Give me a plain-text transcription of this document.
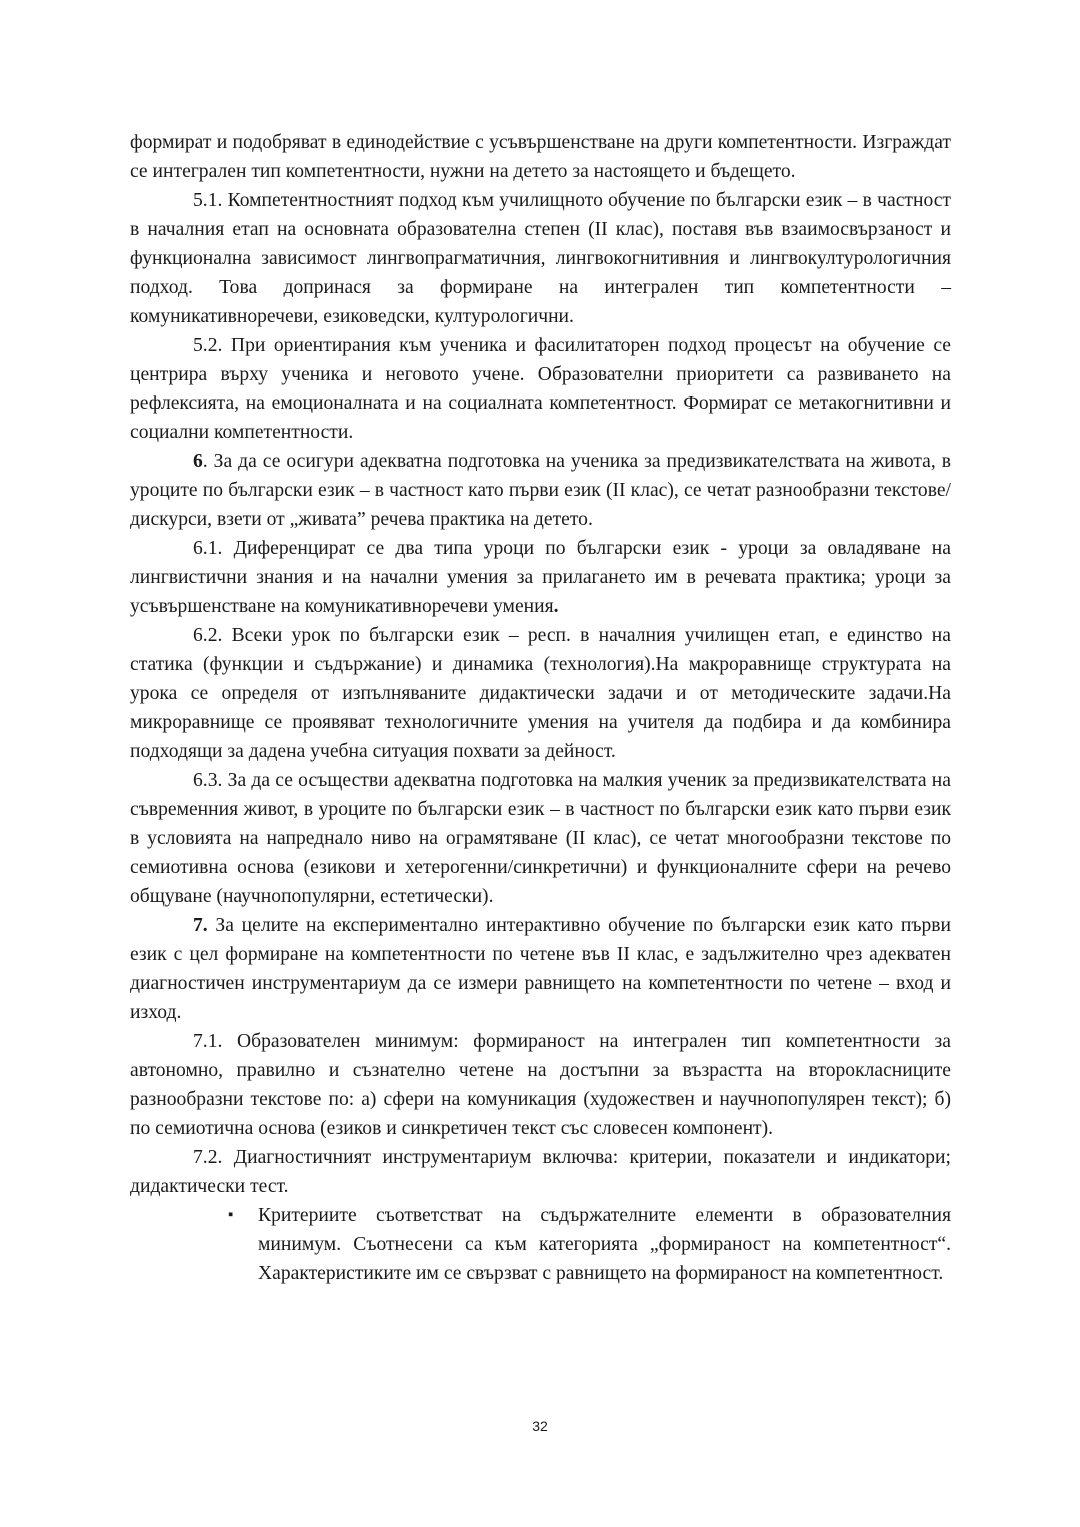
формират и подобряват в единодействие с усъвършенстване на други компетентности. Изграждат се интегрален тип компетентности, нужни на детето за настоящето и бъдещето.

5.1. Компетентностният подход към училищното обучение по български език – в частност в началния етап на основната образователна степен (II клас), поставя във взаимосвързаност и функционална зависимост лингвопрагматичния, лингвокогнитивния и лингвокултурологичния подход. Това допринася за формиране на интегрален тип компетентности – комуникативноречеви, езиковедски, културологични.

5.2. При ориентирания към ученика и фасилитаторен подход процесът на обучение се центрира върху ученика и неговото учене. Образователни приоритети са развиването на рефлексията, на емоционалната и на социалната компетентност. Формират се метакогнитивни и социални компетентности.

6. За да се осигури адекватна подготовка на ученика за предизвикателствата на живота, в уроците по български език – в частност като първи език (II клас), се четат разнообразни текстове/дискурси, взети от „живата” речева практика на детето.

6.1. Диференцират се два типа уроци по български език - уроци за овладяване на лингвистични знания и на начални умения за прилагането им в речевата практика; уроци за усъвършенстване на комуникативноречеви умения.

6.2. Всеки урок по български език – респ. в началния училищен етап, е единство на статика (функции и съдържание) и динамика (технология).На макроравнище структурата на урока се определя от изпълняваните дидактически задачи и от методическите задачи.На микроравнище се проявяват технологичните умения на учителя да подбира и да комбинира подходящи за дадена учебна ситуация похвати за дейност.

6.3. За да се осъществи адекватна подготовка на малкия ученик за предизвикателствата на съвременния живот, в уроците по български език – в частност по български език като първи език в условията на напреднало ниво на ограмятяване (II клас), се четат многообразни текстове по семиотивна основа (езикови и хетерогенни/синкретични) и функционалните сфери на речево общуване (научнопопулярни, естетически).

7. За целите на експериментално интерактивно обучение по български език като първи език с цел формиране на компетентности по четене във II клас, е задължително чрез адекватен диагностичен инструментариум да се измери равнището на компетентности по четене – вход и изход.

7.1. Образователен минимум: формираност на интегрален тип компетентности за автономно, правилно и съзнателно четене на достъпни за възрастта на второкласниците разнообразни текстове по: а) сфери на комуникация (художествен и научнопопулярен текст); б) по семиотична основа (езиков и синкретичен текст със словесен компонент).

7.2. Диагностичният инструментариум включва: критерии, показатели и индикатори; дидактически тест.

▪ Критериите съответстват на съдържателните елементи в образователния минимум. Съотнесени са към категорията „формираност на компетентност“. Характеристиките им се свързват с равнището на формираност на компетентност.
32
